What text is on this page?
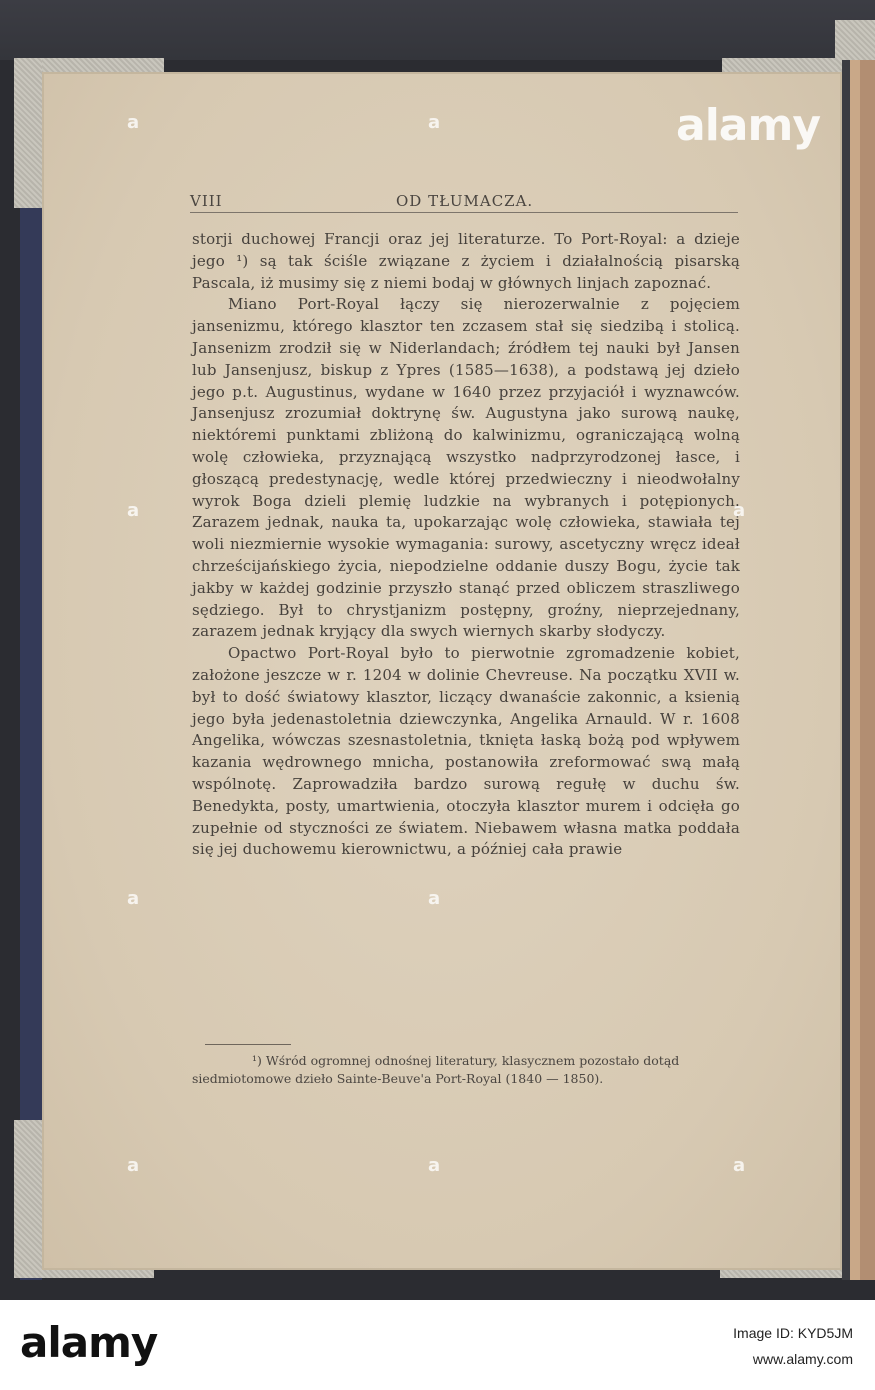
VIII	OD TŁUMACZA.

storji duchowej Francji oraz jej literaturze. To Port-Royal: a dzieje jego ¹) są tak ściśle związane z życiem i działalnością pisarską Pascala, iż musimy się z niemi bodaj w głównych linjach zapoznać.

Miano Port-Royal łączy się nierozerwalnie z pojęciem jansenizmu, którego klasztor ten zczasem stał się siedzibą i stolicą. Jansenizm zrodził się w Niderlandach; źródłem tej nauki był Jansen lub Jansenjusz, biskup z Ypres (1585—1638), a podstawą jej dzieło jego p.t. Augustinus, wydane w 1640 przez przyjaciół i wyznawców. Jansenjusz zrozumiał doktrynę św. Augustyna jako surową naukę, niektóremi punktami zbliżoną do kalwinizmu, ograniczającą wolną wolę człowieka, przyznającą wszystko nadprzyrodzonej łasce, i głoszącą predestynację, wedle której przedwieczny i nieodwołalny wyrok Boga dzieli plemię ludzkie na wybranych i potępionych. Zarazem jednak, nauka ta, upokarzając wolę człowieka, stawiała tej woli niezmiernie wysokie wymagania: surowy, ascetyczny wręcz ideał chrześcijańskiego życia, niepodzielne oddanie duszy Bogu, życie tak jakby w każdej godzinie przyszło stanąć przed obliczem straszliwego sędziego. Był to chrystjanizm postępny, groźny, nieprzejednany, zarazem jednak kryjący dla swych wiernych skarby słodyczy.

Opactwo Port-Royal było to pierwotnie zgromadzenie kobiet, założone jeszcze w r. 1204 w dolinie Chevreuse. Na początku XVII w. był to dość światowy klasztor, liczący dwanaście zakonnic, a ksienią jego była jedenastoletnia dziewczynka, Angelika Arnauld. W r. 1608 Angelika, wówczas szesnastoletnia, tknięta łaską bożą pod wpływem kazania wędrownego mnicha, postanowiła zreformować swą małą wspólnotę. Zaprowadziła bardzo surową regułę w duchu św. Benedykta, posty, umartwienia, otoczyła klasztor murem i odcięła go zupełnie od styczności ze światem. Niebawem własna matka poddała się jej duchowemu kierownictwu, a później cała prawie

¹) Wśród ogromnej odnośnej literatury, klasycznem pozostało dotąd
siedmiotomowe dzieło Sainte-Beuve'a Port-Royal (1840 — 1850).
alamy
a	a
a	a
a	a
a	a	a
alamy	Image ID: KYD5JM
www.alamy.com
